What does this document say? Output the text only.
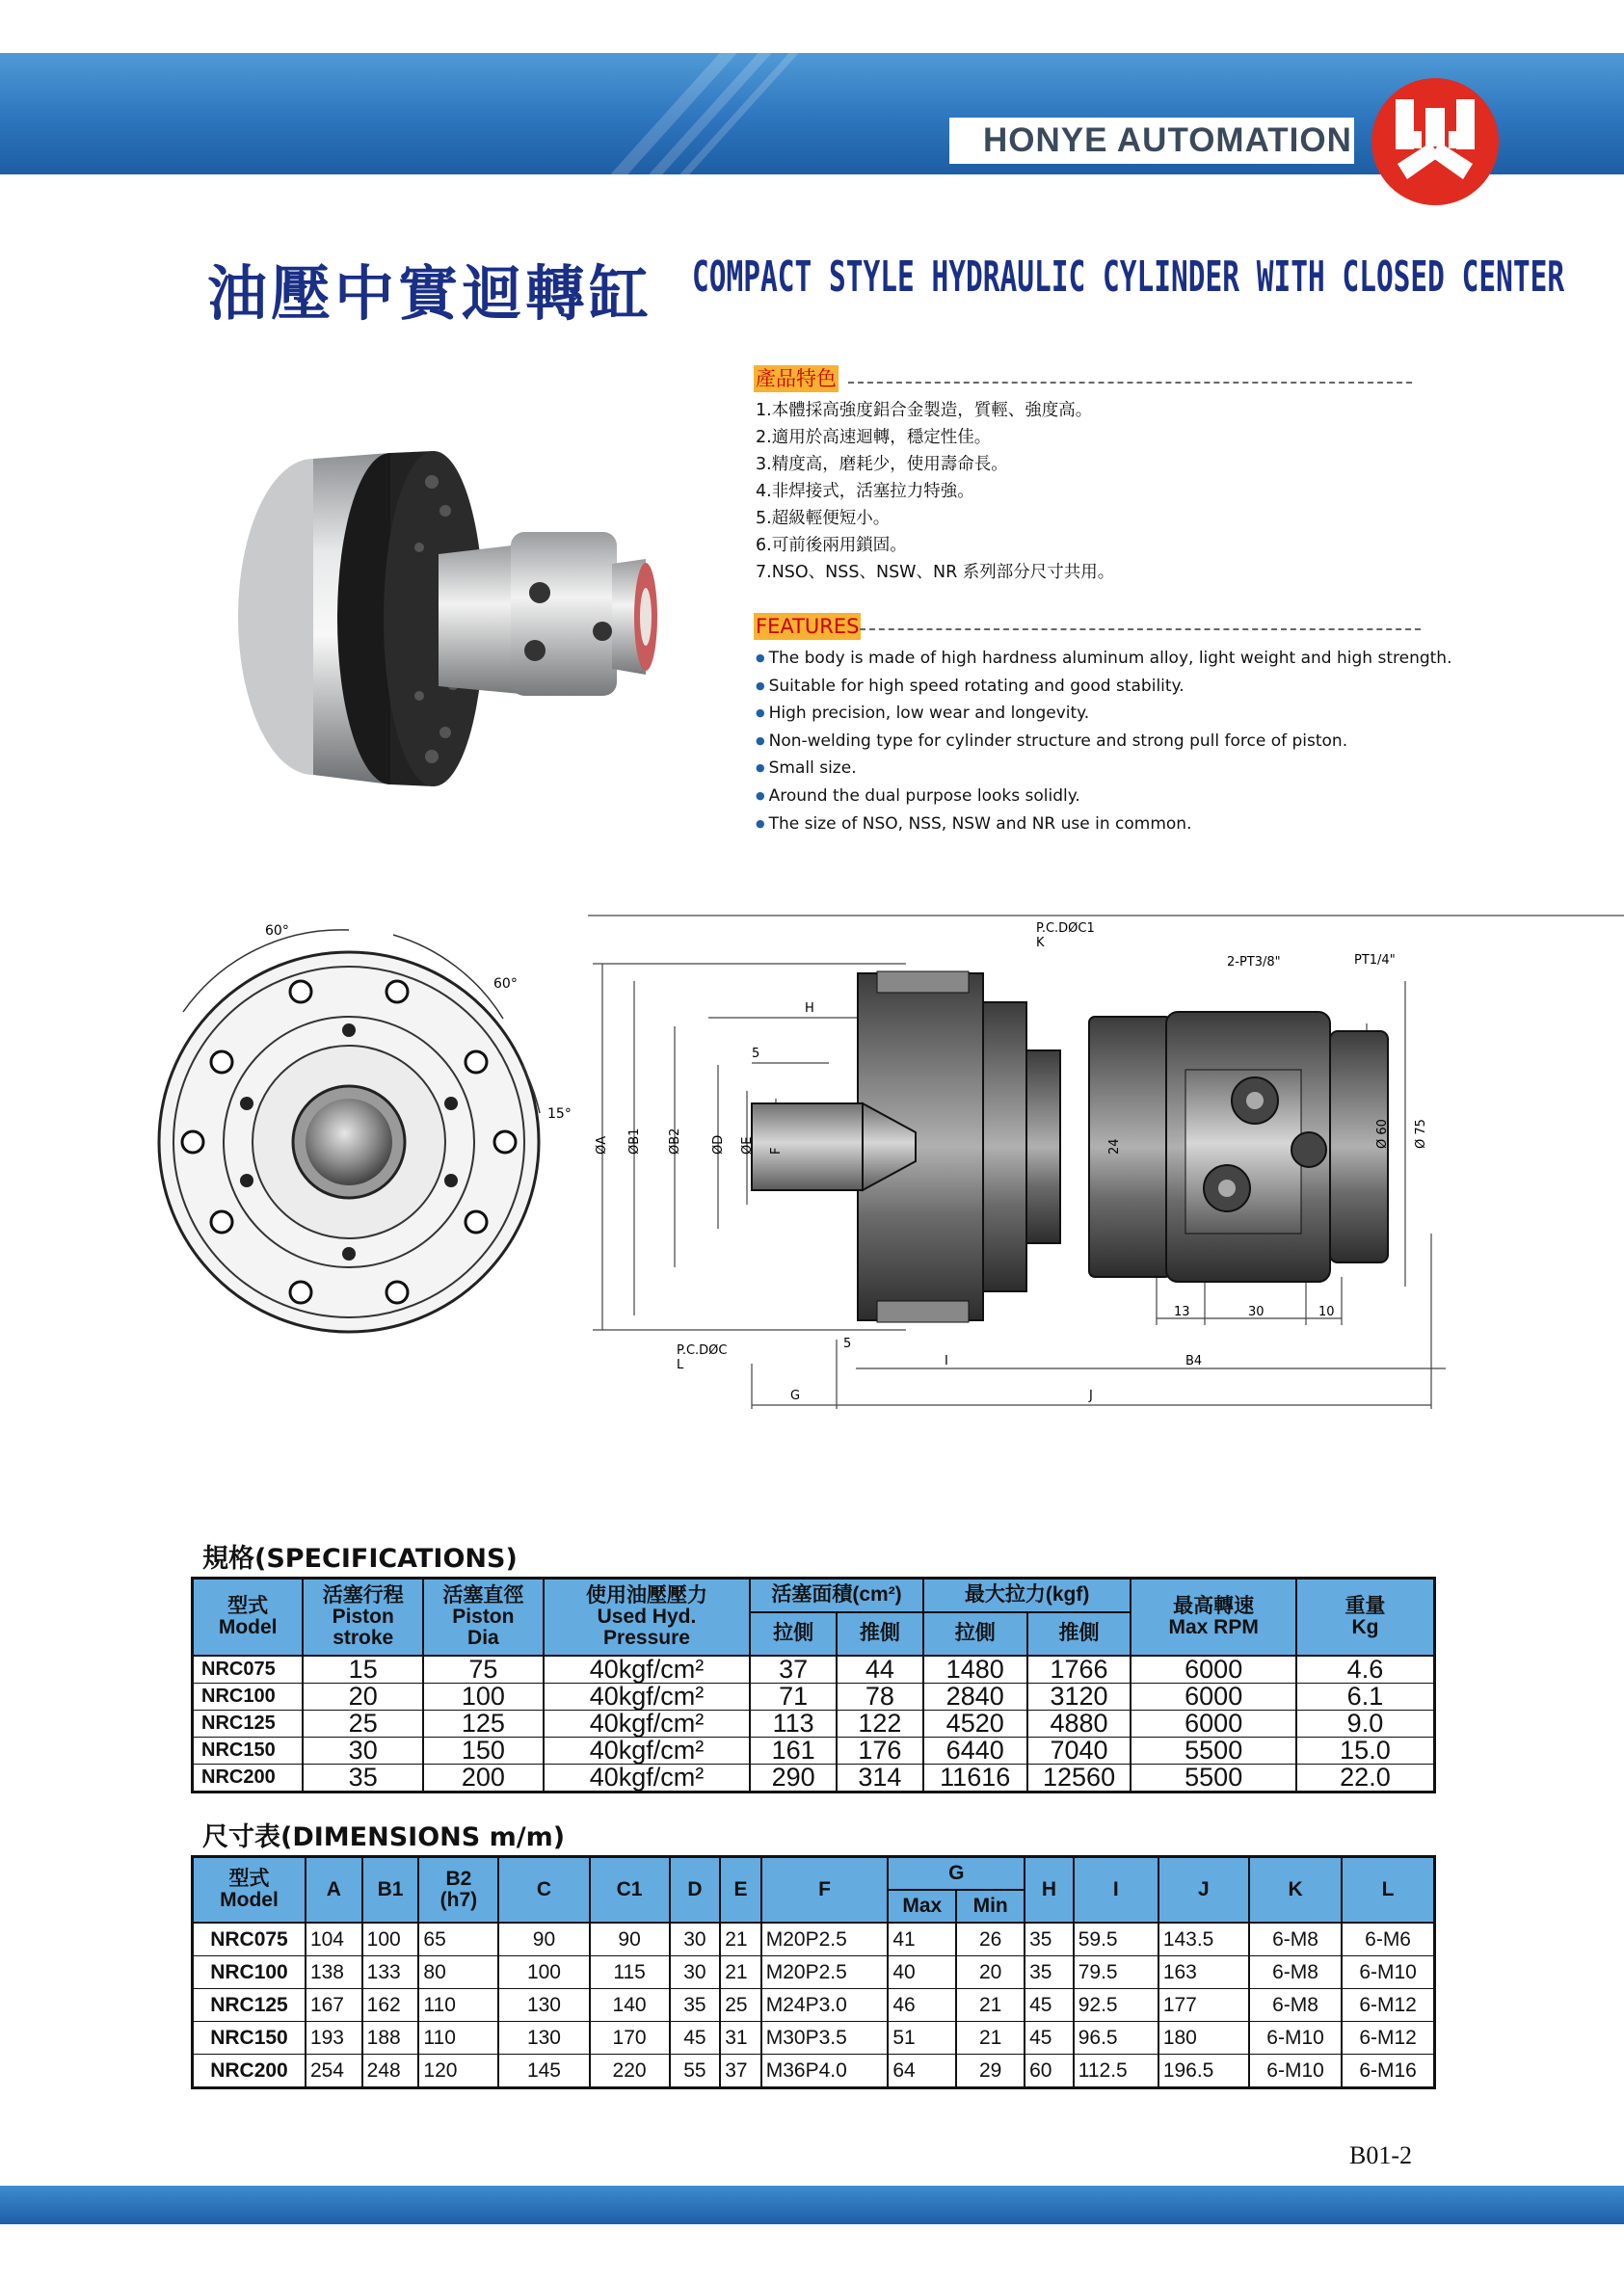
HONYE AUTOMATION
油壓中實迴轉缸 COMPACT STYLE HYDRAULIC CYLINDER WITH CLOSED CENTER
產品特色
1.本體採高強度鋁合金製造，質輕、強度高。
2.適用於高速迴轉，穩定性佳。
3.精度高，磨耗少，使用壽命長。
4.非焊接式，活塞拉力特強。
5.超級輕便短小。
6.可前後兩用鎖固。
7.NSO、NSS、NSW、NR 系列部分尺寸共用。
FEATURES
● The body is made of high hardness aluminum alloy, light weight and high strength.
● Suitable for high speed rotating and good stability.
● High precision, low wear and longevity.
● Non-welding type for cylinder structure and strong pull force of piston.
● Small size.
● Around the dual purpose looks solidly.
● The size of NSO, NSS, NSW and NR use in common.
60°
60°
15°
P.C.DØC1
K
2-PT3/8"	PT1/4"
H
5
5
ØA ØB1 ØB2 ØD ØE F	24	Ø 60 Ø 75
13	30	10
P.C.DØC
L	I	B4
G	J
規格(SPECIFICATIONS)
型式
Model	活塞行程
Piston
stroke	活塞直徑
Piston
Dia	使用油壓壓力
Used Hyd.
Pressure	活塞面積(cm²)		最大拉力(kgf)		最高轉速
Max RPM	重量
Kg
				拉側	推側	拉側	推側		
NRC075	15	75	40kgf/cm²	37	44	1480	1766	6000	4.6
NRC100	20	100	40kgf/cm²	71	78	2840	3120	6000	6.1
NRC125	25	125	40kgf/cm²	113	122	4520	4880	6000	9.0
NRC150	30	150	40kgf/cm²	161	176	6440	7040	5500	15.0
NRC200	35	200	40kgf/cm²	290	314	11616	12560	5500	22.0
尺寸表(DIMENSIONS m/m)
型式
Model	A	B1	B2
(h7)	C	C1	D	E	F	G		H	I	J	K	L
									Max	Min					
NRC075	104	100	65	90	90	30	21	M20P2.5	41	26	35	59.5	143.5	6-M8	6-M6
NRC100	138	133	80	100	115	30	21	M20P2.5	40	20	35	79.5	163	6-M8	6-M10
NRC125	167	162	110	130	140	35	25	M24P3.0	46	21	45	92.5	177	6-M8	6-M12
NRC150	193	188	110	130	170	45	31	M30P3.5	51	21	45	96.5	180	6-M10	6-M12
NRC200	254	248	120	145	220	55	37	M36P4.0	64	29	60	112.5	196.5	6-M10	6-M16
B01-2
